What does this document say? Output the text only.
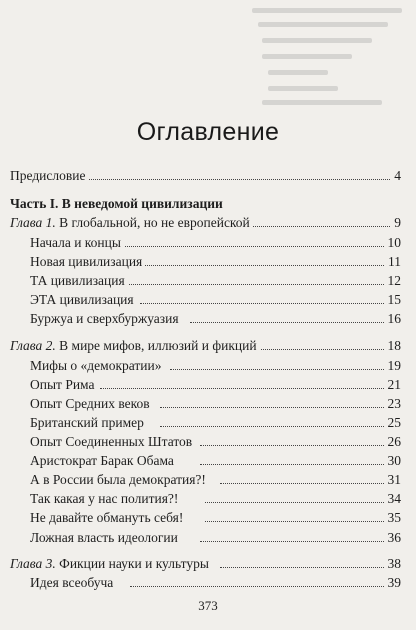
Оглавление
Предисловие	4
Часть I. В неведомой цивилизации
Глава 1. В глобальной, но не европейской	9
Начала и концы	10
Новая цивилизация	11
ТА цивилизация	12
ЭТА цивилизация	15
Буржуа и сверхбуржуазия	16
Глава 2. В мире мифов, иллюзий и фикций	18
Мифы о «демократии»	19
Опыт Рима	21
Опыт Средних веков	23
Британский пример	25
Опыт Соединенных Штатов	26
Аристократ Барак Обама	30
А в России была демократия?!	31
Так какая у нас полития?!	34
Не давайте обмануть себя!	35
Ложная власть идеологии	36
Глава 3. Фикции науки и культуры	38
Идея всеобуча	39
373
